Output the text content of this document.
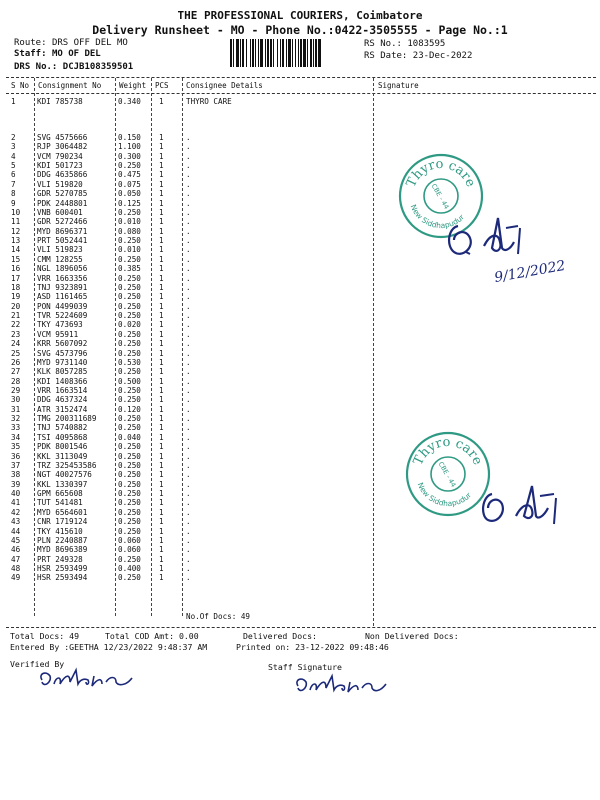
THE PROFESSIONAL COURIERS, Coimbatore
Delivery Runsheet - MO - Phone No.:0422-3505555 - Page No.:1
Route: DRS OFF DEL MO
Staff: MO OF DEL
DRS No.: DCJB108359501
RS No.: 1083595
RS Date: 23-Dec-2022
S No Consignment No Weight PCS Consignee Details	Signature
1	KDI 785738	0.340 1	THYRO CARE
2	SVG 4575666	0.150 1	.
3	RJP 3064482	1.100 1	.
4	VCM 790234	0.300 1	.
5	KDI 501723	0.250 1	.
6	DDG 4635866	0.475 1	.
7	VLI 519820	0.075 1	.
8	GDR 5270785	0.050 1	.
9	PDK 2448801	0.125 1	.
10 VNB 600401	0.250 1	.
11 GDR 5272466	0.010 1	.
12 MYD 8696371	0.080 1	.
13 PRT 5052441	0.250 1	.
14 VLI 519823	0.010 1	.
15 CMM 128255	0.250 1	.
16 NGL 1896056	0.385 1	.
17 VRR 1663356	0.250 1	.
18 TNJ 9323891	0.250 1	.
19 ASD 1161465	0.250 1	.
20 PON 4499039	0.250 1	.
21 TVR 5224609	0.250 1	.
22 TKY 473693	0.020 1	.
23 VCM 95911	0.250 1	.
24 KRR 5607092	0.250 1	.
25 SVG 4573796	0.250 1	.
26 MYD 9731140	0.530 1	.
27 KLK 8057285	0.250 1	.
28 KDI 1408366	0.500 1	.
29 VRR 1663514	0.250 1	.
30 DDG 4637324	0.250 1	.
31 ATR 3152474	0.120 1	.
32 TMG 200311689	0.250 1	.
33 TNJ 5740882	0.250 1	.
34 TSI 4095868	0.040 1	.
35 PDK 8001546	0.250 1	.
36 KKL 3113049	0.250 1	.
37 TRZ 325453586	0.250 1	.
38 NGT 40027576	0.250 1	.
39 KKL 1330397	0.250 1	.
40 GPM 665608	0.250 1	.
41 TUT 541481	0.250 1	.
42 MYD 6564601	0.250 1	.
43 CNR 1719124	0.250 1	.
44 TKY 415610	0.250 1	.
45 PLN 2240887	0.060 1	.
46 MYD 8696389	0.060 1	.
47 PRT 249328	0.250 1	.
48 HSR 2593499	0.400 1	.
49 HSR 2593494	0.250 1	.
No.Of Docs: 49
Thyro care
New Siddhapudur
CBE - 44
Thyro care
New Siddhapudur
CBE - 44
9/12/2022
Total Docs: 49	Total COD Amt: 0.00	Delivered Docs:	Non Delivered Docs:
Entered By :GEETHA 12/23/2022 9:48:37 AM	Printed on: 23-12-2022 09:48:46
Verified By	Staff Signature
